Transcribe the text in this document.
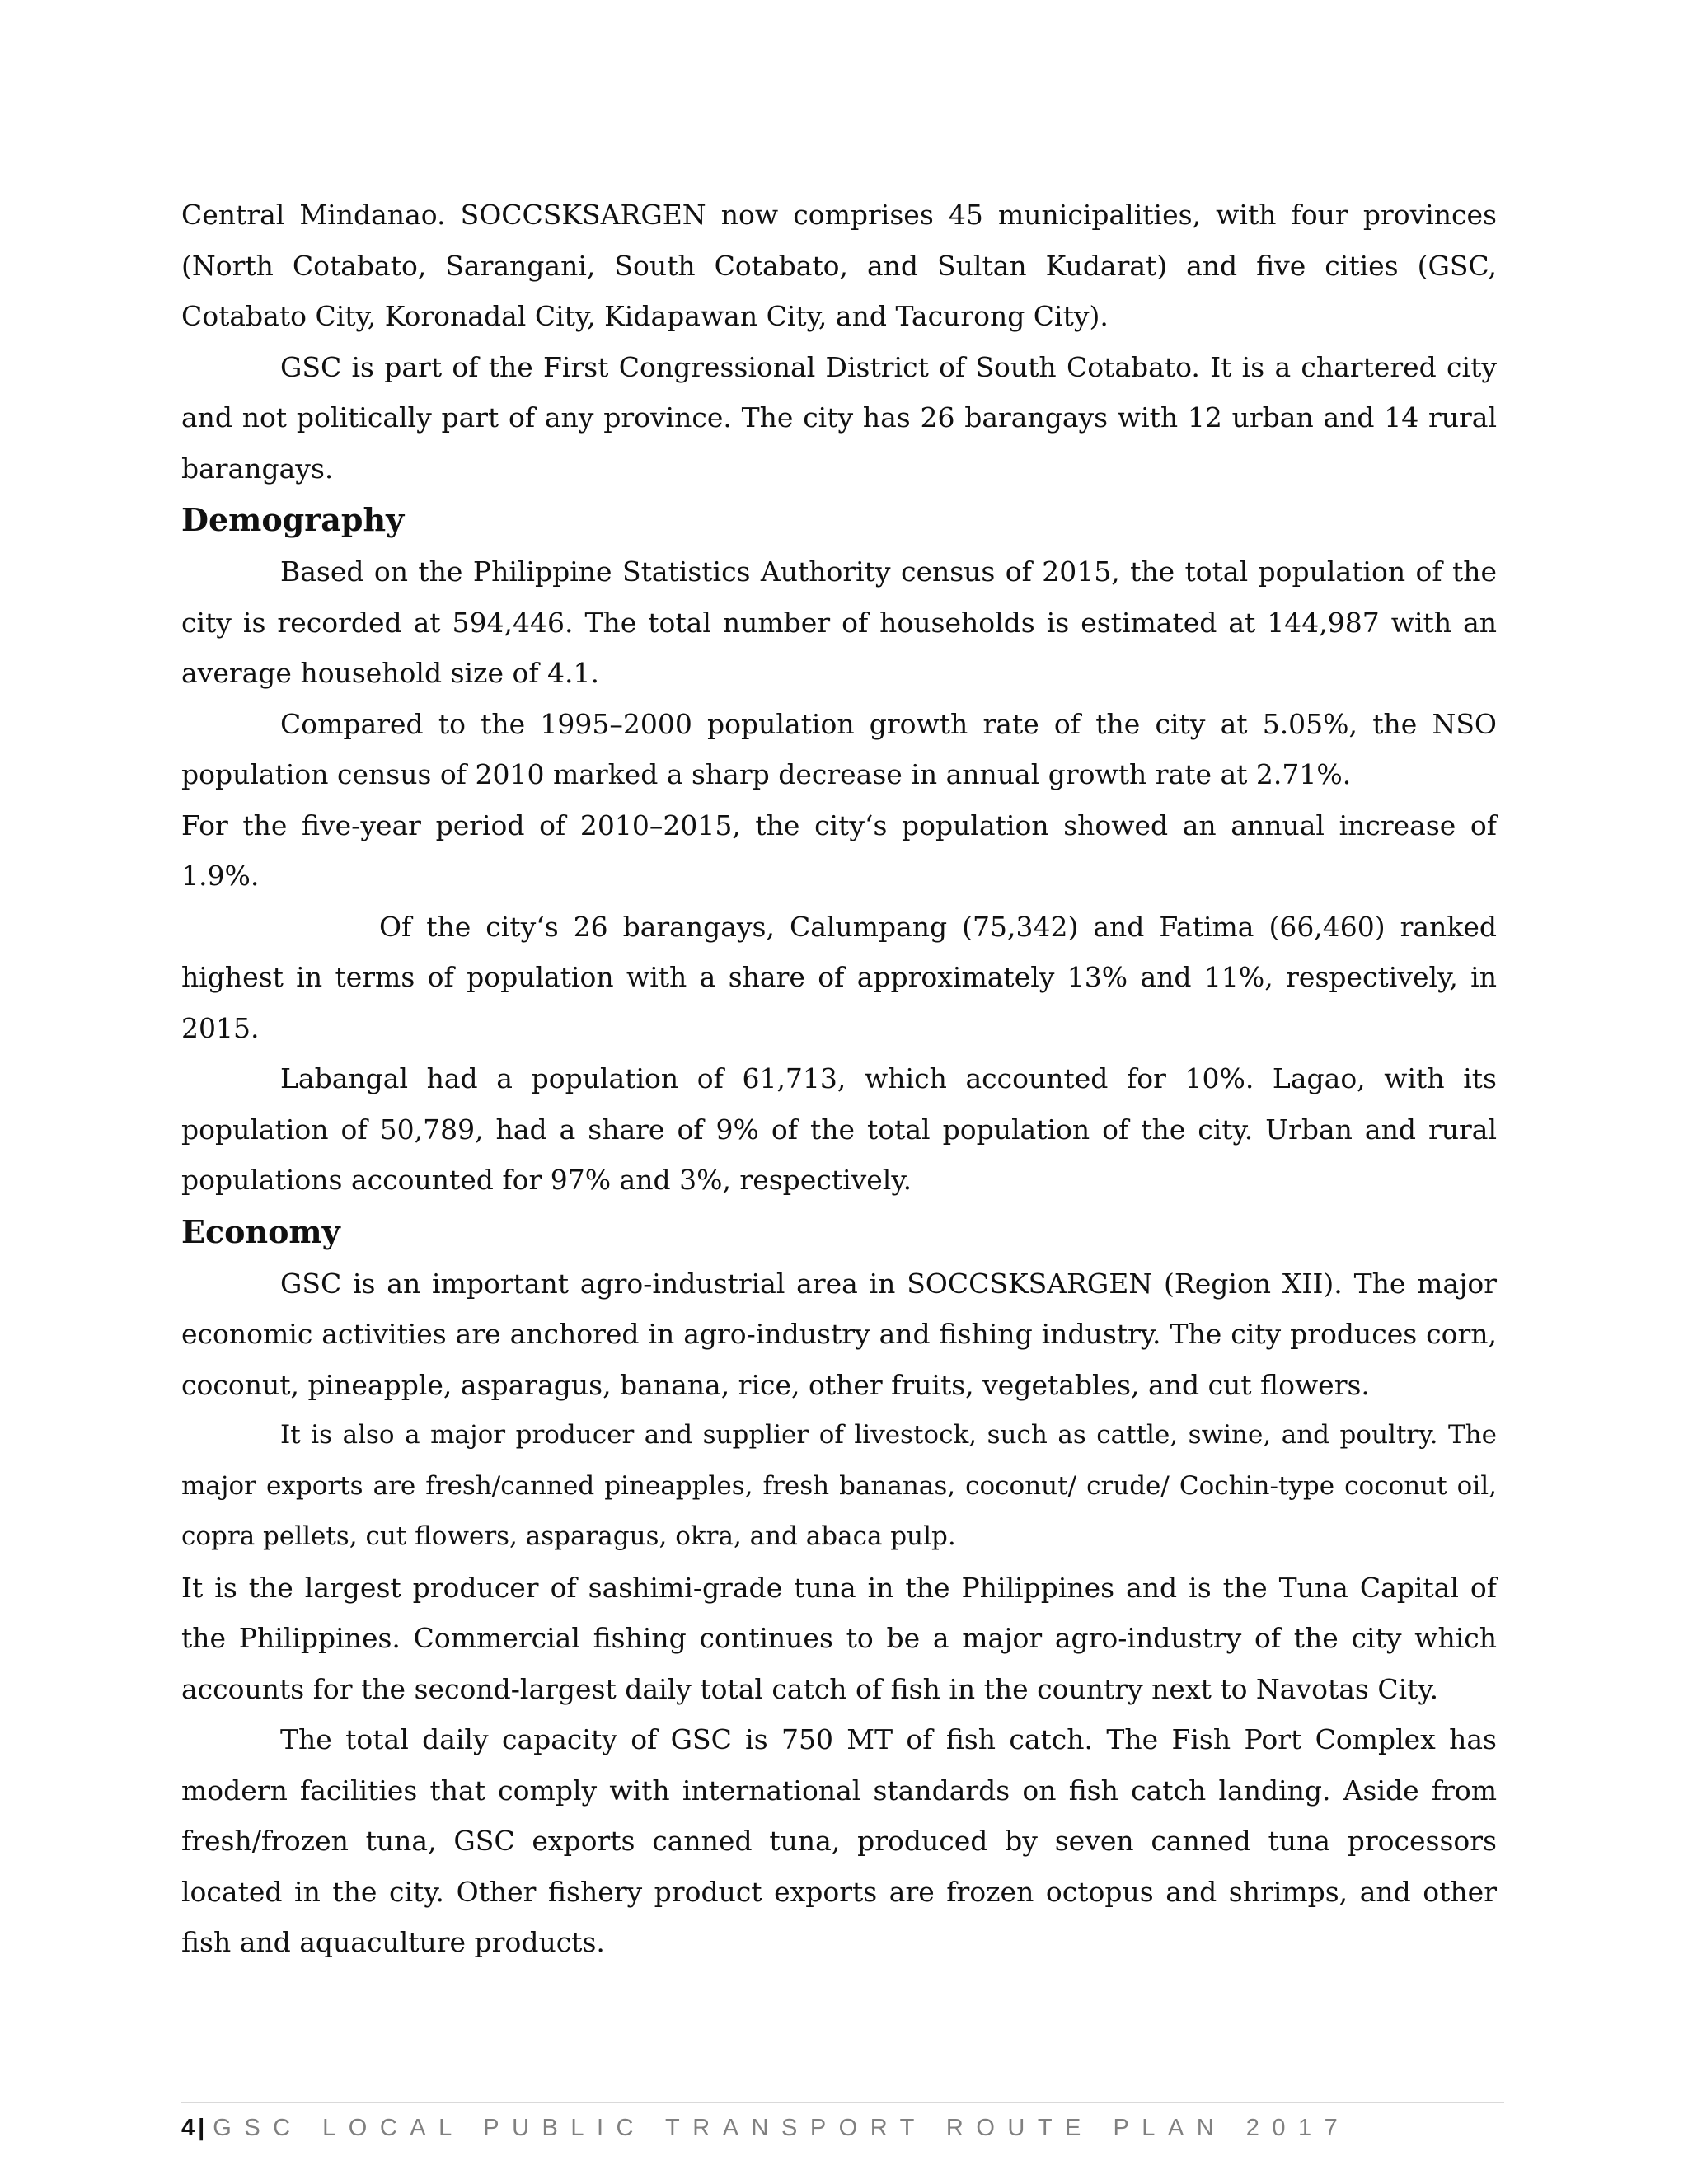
Central Mindanao. SOCCSKSARGEN now comprises 45 municipalities, with four provinces (North Cotabato, Sarangani, South Cotabato, and Sultan Kudarat) and five cities (GSC, Cotabato City, Koronadal City, Kidapawan City, and Tacurong City).

GSC is part of the First Congressional District of South Cotabato. It is a chartered city and not politically part of any province. The city has 26 barangays with 12 urban and 14 rural barangays.

Demography

Based on the Philippine Statistics Authority census of 2015, the total population of the city is recorded at 594,446. The total number of households is estimated at 144,987 with an average household size of 4.1.

Compared to the 1995–2000 population growth rate of the city at 5.05%, the NSO population census of 2010 marked a sharp decrease in annual growth rate at 2.71%.

For the five-year period of 2010–2015, the city‘s population showed an annual increase of 1.9%.

Of the city‘s 26 barangays, Calumpang (75,342) and Fatima (66,460) ranked highest in terms of population with a share of approximately 13% and 11%, respectively, in 2015.

Labangal had a population of 61,713, which accounted for 10%. Lagao, with its population of 50,789, had a share of 9% of the total population of the city. Urban and rural populations accounted for 97% and 3%, respectively.

Economy

GSC is an important agro-industrial area in SOCCSKSARGEN (Region XII). The major economic activities are anchored in agro-industry and fishing industry. The city produces corn, coconut, pineapple, asparagus, banana, rice, other fruits, vegetables, and cut flowers.

It is also a major producer and supplier of livestock, such as cattle, swine, and poultry. The major exports are fresh/canned pineapples, fresh bananas, coconut/ crude/ Cochin-type coconut oil, copra pellets, cut flowers, asparagus, okra, and abaca pulp.

It is the largest producer of sashimi-grade tuna in the Philippines and is the Tuna Capital of the Philippines. Commercial fishing continues to be a major agro-industry of the city which accounts for the second-largest daily total catch of fish in the country next to Navotas City.

The total daily capacity of GSC is 750 MT of fish catch. The Fish Port Complex has modern facilities that comply with international standards on fish catch landing. Aside from fresh/frozen tuna, GSC exports canned tuna, produced by seven canned tuna processors located in the city. Other fishery product exports are frozen octopus and shrimps, and other fish and aquaculture products.

4 | GSC LOCAL PUBLIC TRANSPORT ROUTE PLAN 2017
